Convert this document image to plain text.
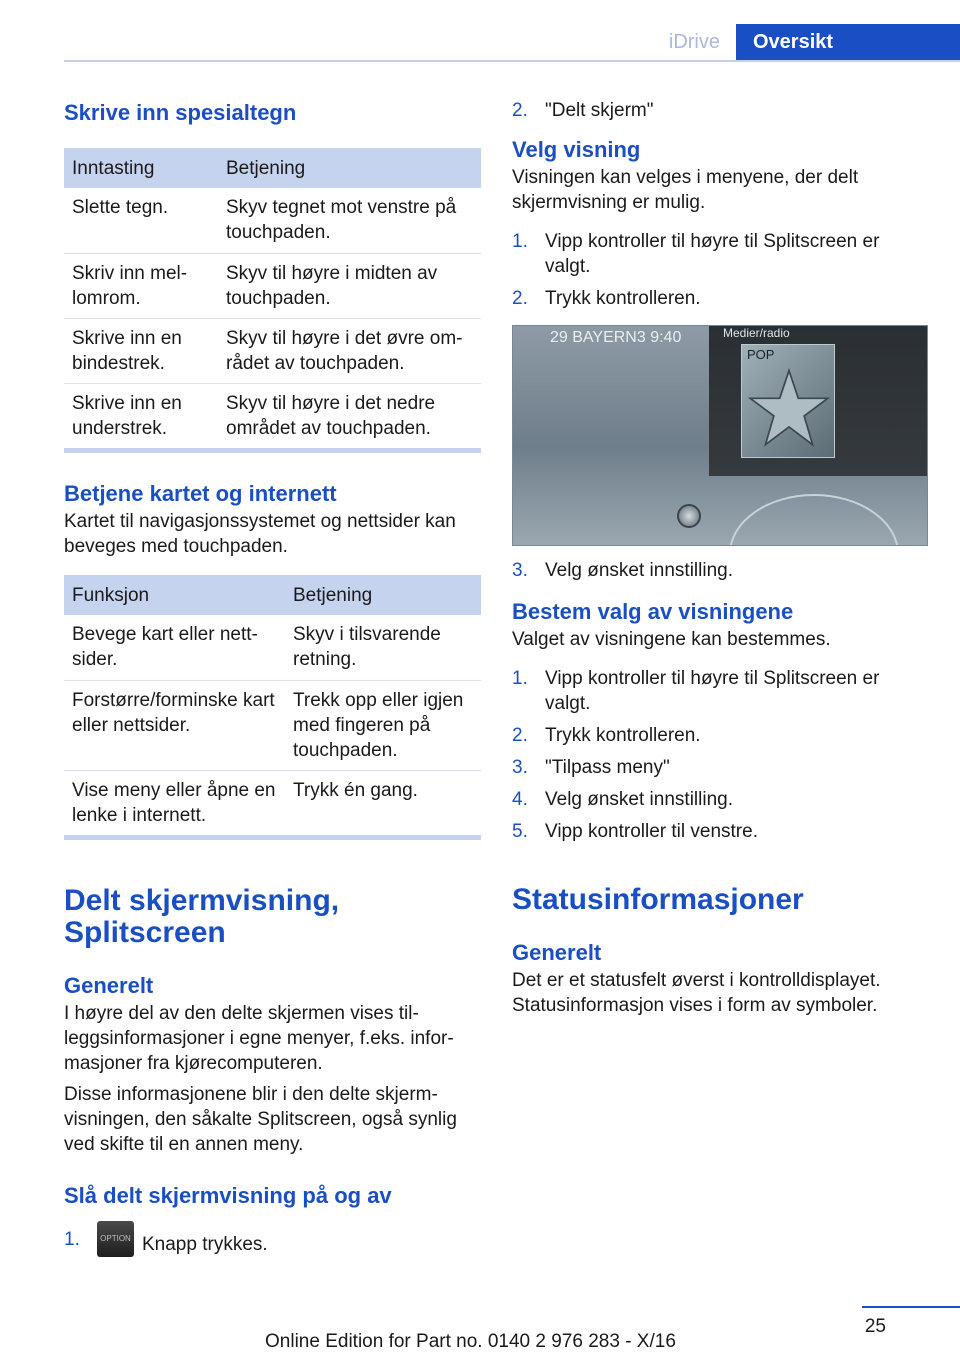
iDrive	Oversikt
Skrive inn spesialtegn
Inntasting	Betjening
Slette tegn.	Skyv tegnet mot venstre på touchpaden.
Skriv inn mellomrom.	Skyv til høyre i midten av touchpaden.
Skrive inn en bindestrek.	Skyv til høyre i det øvre området av touchpaden.
Skrive inn en understrek.	Skyv til høyre i det nedre området av touchpaden.
Betjene kartet og internett

Kartet til navigasjonssystemet og nettsider kan beveges med touchpaden.

Funksjon	Betjening
Bevege kart eller nettsider.	Skyv i tilsvarende retning.
Forstørre/forminske kart eller nettsider.	Trekk opp eller igjen med fingeren på touchpaden.
Vise meny eller åpne en lenke i internett.	Trykk én gang.
Delt skjermvisning, Splitscreen
Generelt

I høyre del av den delte skjermen vises tilleggsinformasjoner i egne menyer, f.eks. informasjoner fra kjørecomputeren.

Disse informasjonene blir i den delte skjermvisningen, den såkalte Splitscreen, også synlig ved skifte til en annen meny.

Slå delt skjermvisning på og av
1.	OPTION Knapp trykkes.
2. "Delt skjerm"
Velg visning

Visningen kan velges i menyene, der delt skjermvisning er mulig.

1. Vipp kontroller til høyre til Splitscreen er valgt.
2. Trykk kontrolleren.
29 BAYERN3 9:40	Medier/radio
POP
3. Velg ønsket innstilling.
Bestem valg av visningene

Valget av visningene kan bestemmes.

1. Vipp kontroller til høyre til Splitscreen er valgt.
2. Trykk kontrolleren.
3. "Tilpass meny"
4. Velg ønsket innstilling.
5. Vipp kontroller til venstre.
Statusinformasjoner
Generelt

Det er et statusfelt øverst i kontrolldisplayet. Statusinformasjon vises i form av symboler.

25
Online Edition for Part no. 0140 2 976 283 - X/16
